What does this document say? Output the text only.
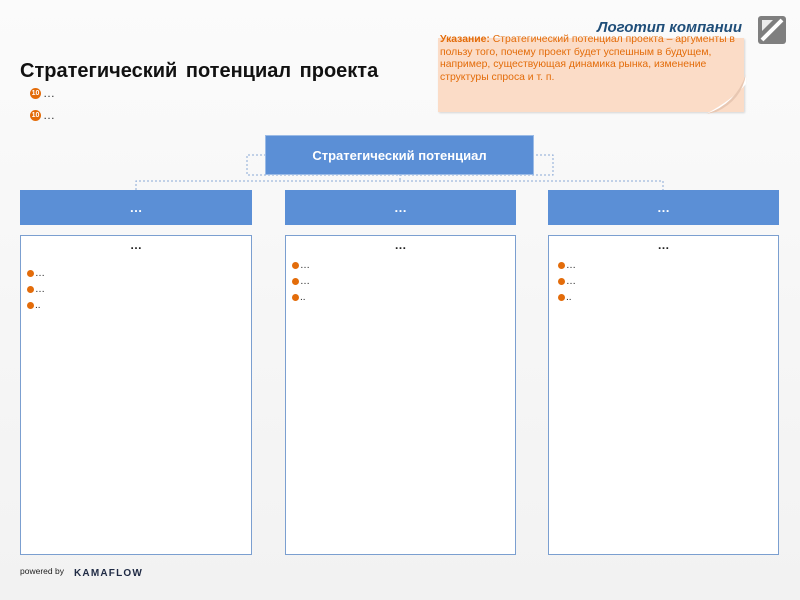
Логотип компании
Указание: Стратегический потенциал проекта – аргументы в пользу того, почему проект будет успешным в будущем, например, существующая динамика рынка, изменение структуры спроса и т. п.
Стратегический потенциал проекта
10 …
10 …
Стратегический потенциал
…
…
…
…
..
…
…
…
…
..
…
…
…
…
..
powered by KAMAFLOW
